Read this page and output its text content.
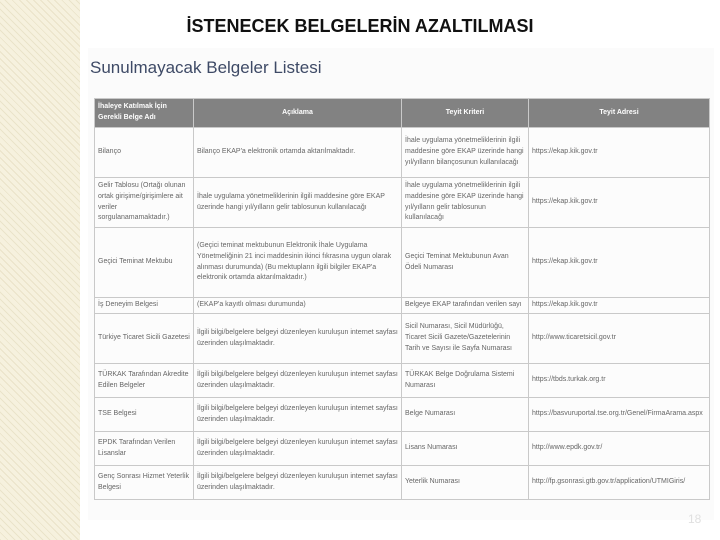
İSTENECEK BELGELERİN AZALTILMASI
Sunulmayacak Belgeler Listesi
İhaleye Katılmak İçin Gerekli Belge Adı	Açıklama	Teyit Kriteri	Teyit Adresi
Bilanço	Bilanço EKAP'a elektronik ortamda aktarılmaktadır.	İhale uygulama yönetmeliklerinin ilgili maddesine göre EKAP üzerinde hangi yıl/yılların bilançosunun kullanılacağı	https://ekap.kik.gov.tr
Gelir Tablosu (Ortağı olunan ortak girişime/girişimlere ait veriler sorgulanamamaktadır.)	İhale uygulama yönetmeliklerinin ilgili maddesine göre EKAP üzerinde hangi yıl/yılların gelir tablosunun kullanılacağı	İhale uygulama yönetmeliklerinin ilgili maddesine göre EKAP üzerinde hangi yıl/yılların gelir tablosunun kullanılacağı	https://ekap.kik.gov.tr
Geçici Teminat Mektubu	(Geçici teminat mektubunun Elektronik İhale Uygulama Yönetmeliğinin 21 inci maddesinin ikinci fıkrasına uygun olarak alınması durumunda) (Bu mektupların ilgili bilgiler EKAP'a elektronik ortamda aktarılmaktadır.)	Geçici Teminat Mektubunun Avan Ödeli Numarası	https://ekap.kik.gov.tr
İş Deneyim Belgesi	(EKAP'a kayıtlı olması durumunda)	Belgeye EKAP tarafından verilen sayı	https://ekap.kik.gov.tr
Türkiye Ticaret Sicili Gazetesi	İlgili bilgi/belgelere belgeyi düzenleyen kuruluşun internet sayfası üzerinden ulaşılmaktadır.	Sicil Numarası, Sicil Müdürlüğü, Ticaret Sicili Gazete/Gazetelerinin Tarih ve Sayısı ile Sayfa Numarası	http://www.ticaretsicil.gov.tr
TÜRKAK Tarafından Akredite Edilen Belgeler	İlgili bilgi/belgelere belgeyi düzenleyen kuruluşun internet sayfası üzerinden ulaşılmaktadır.	TÜRKAK Belge Doğrulama Sistemi Numarası	https://tbds.turkak.org.tr
TSE Belgesi	İlgili bilgi/belgelere belgeyi düzenleyen kuruluşun internet sayfası üzerinden ulaşılmaktadır.	Belge Numarası	https://basvuruportal.tse.org.tr/Genel/FirmaArama.aspx
EPDK Tarafından Verilen Lisanslar	İlgili bilgi/belgelere belgeyi düzenleyen kuruluşun internet sayfası üzerinden ulaşılmaktadır.	Lisans Numarası	http://www.epdk.gov.tr/
Genç Sonrası Hizmet Yeterlik Belgesi	İlgili bilgi/belgelere belgeyi düzenleyen kuruluşun internet sayfası üzerinden ulaşılmaktadır.	Yeterlik Numarası	http://fp.gsonrasi.gtb.gov.tr/application/UTMIGiris/
18
